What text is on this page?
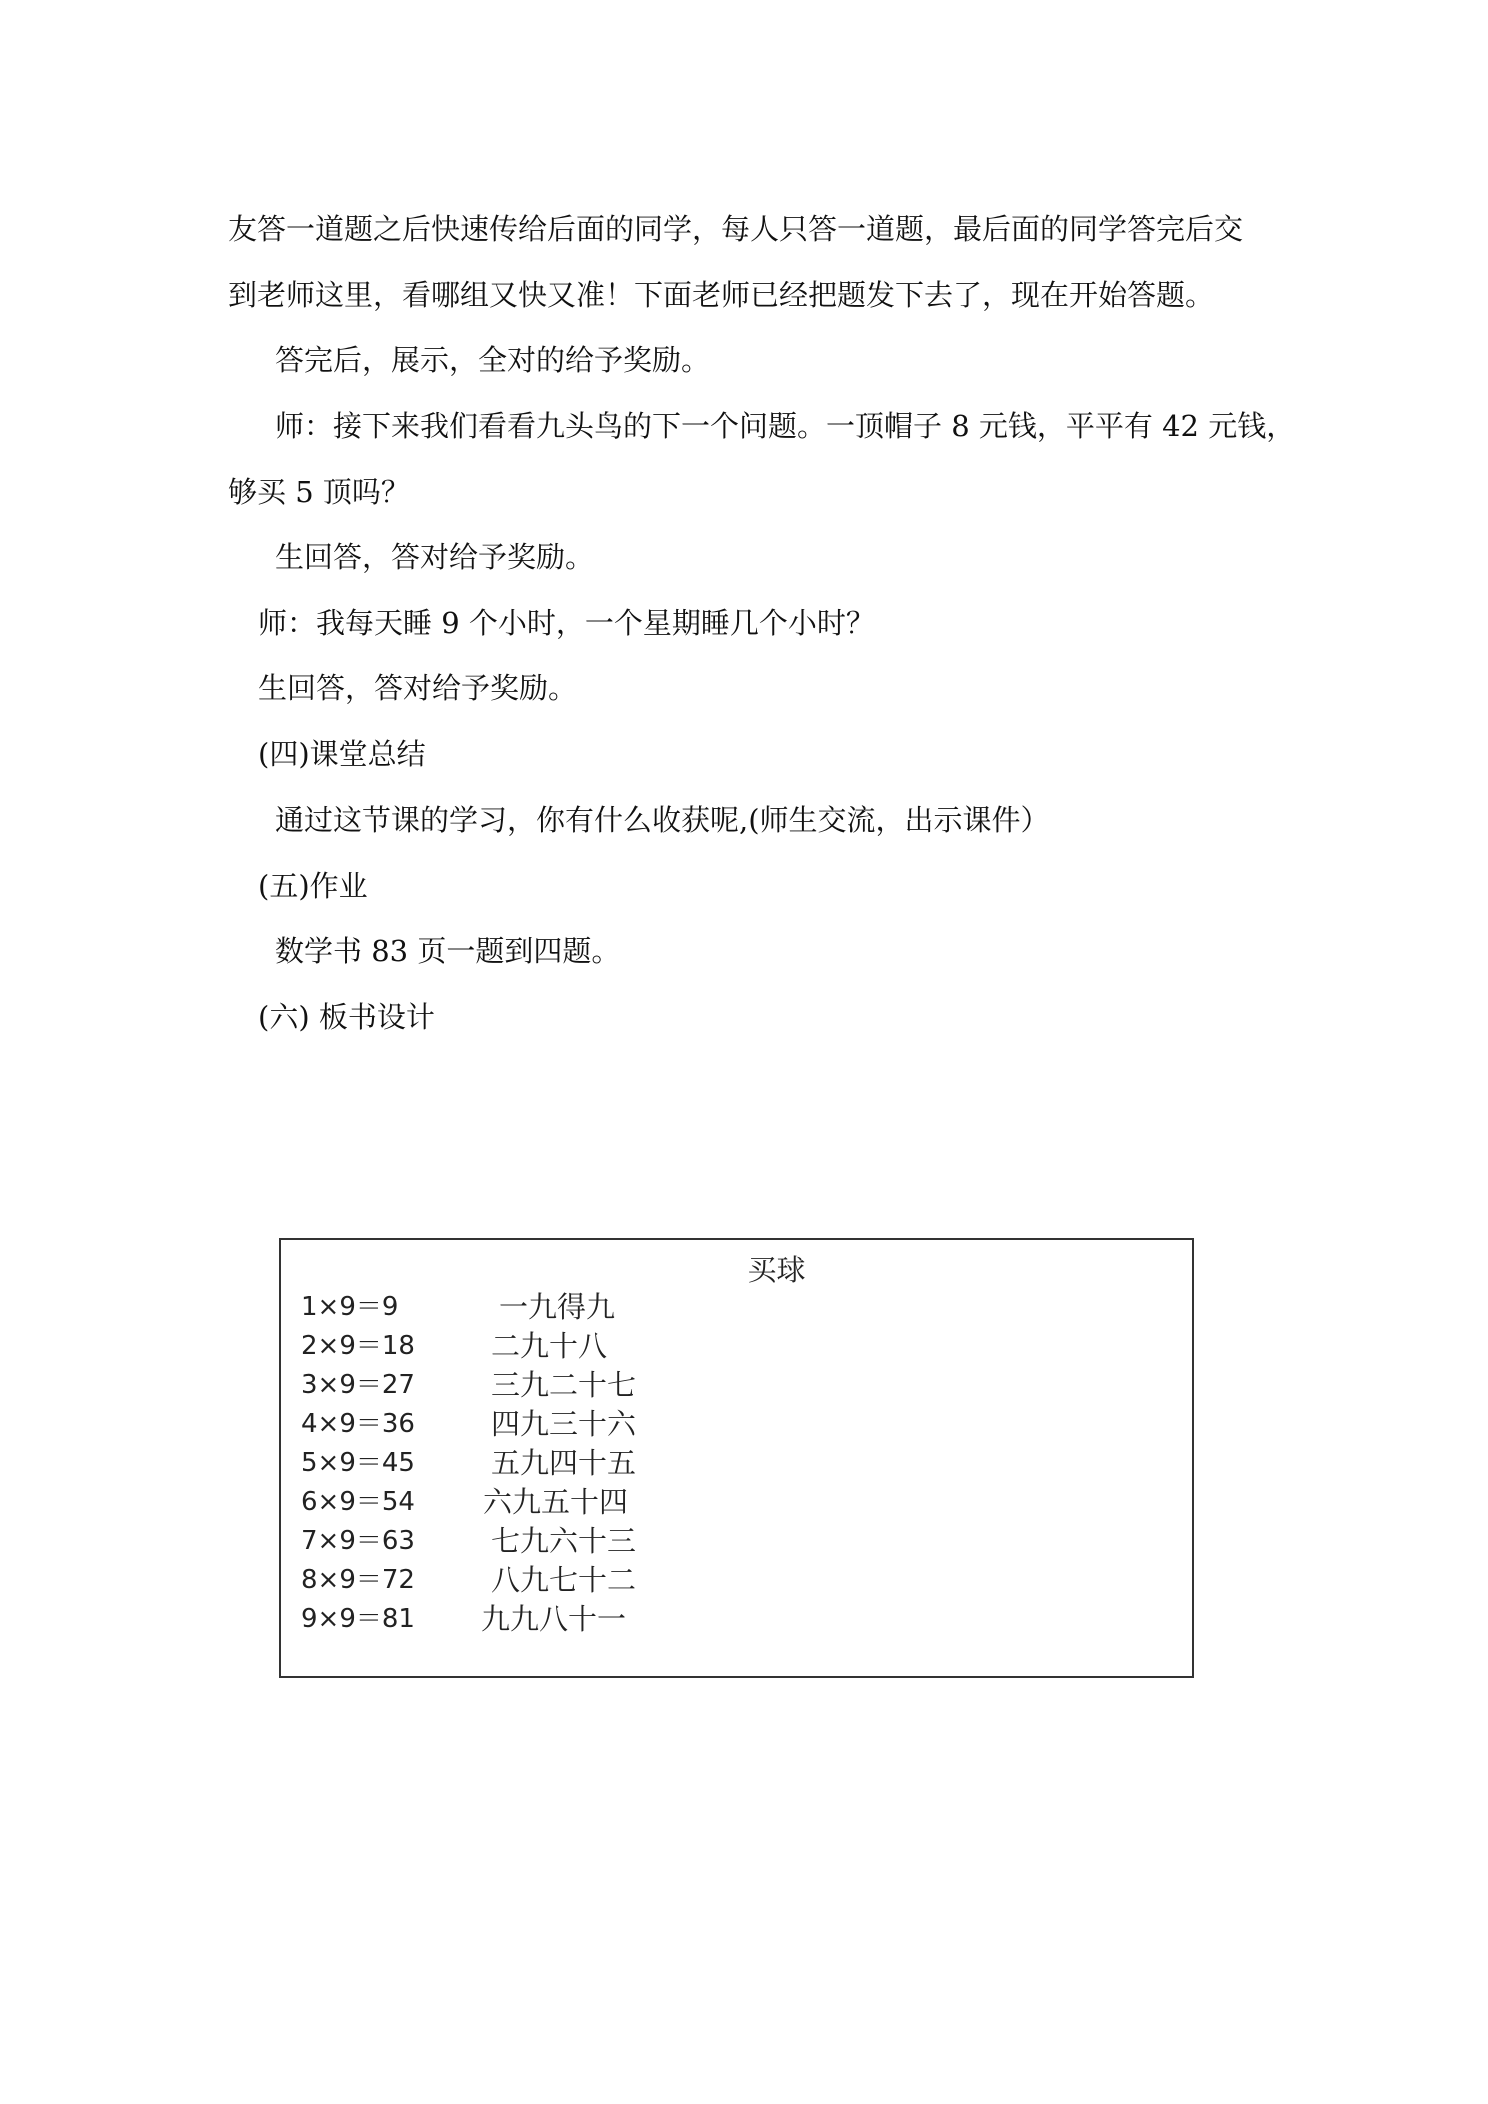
友答一道题之后快速传给后面的同学，每人只答一道题，最后面的同学答完后交
到老师这里，看哪组又快又准！下面老师已经把题发下去了，现在开始答题。
答完后，展示，全对的给予奖励。
师：接下来我们看看九头鸟的下一个问题。一顶帽子 8 元钱，平平有 42 元钱，
够买 5 顶吗？
生回答，答对给予奖励。
师：我每天睡 9 个小时，一个星期睡几个小时？
生回答，答对给予奖励。
(四)课堂总结
通过这节课的学习，你有什么收获呢,(师生交流，出示课件）
(五)作业
数学书 83 页一题到四题。
(六) 板书设计
买球
1×9＝9	一九得九
2×9＝18	二九十八
3×9＝27	三九二十七
4×9＝36	四九三十六
5×9＝45	五九四十五
6×9＝54 六九五十四
7×9＝63	七九六十三
8×9＝72	八九七十二
9×9＝81 九九八十一
